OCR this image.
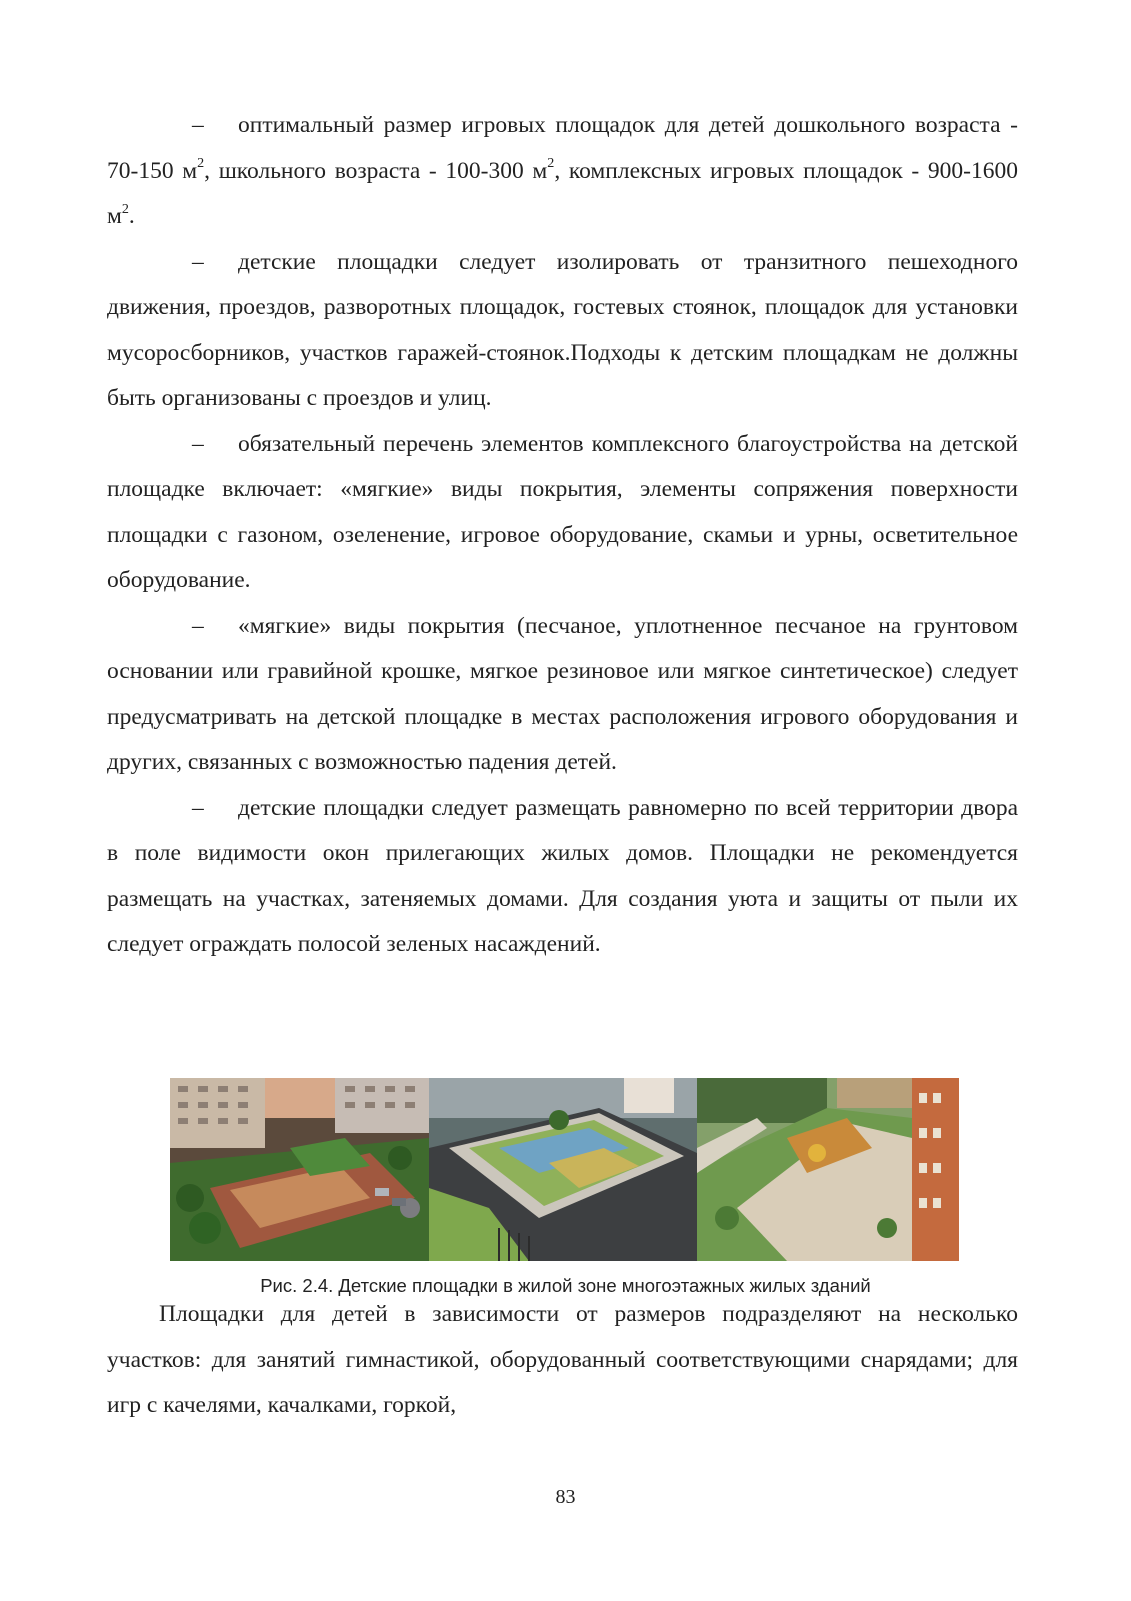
– оптимальный размер игровых площадок для детей дошкольного возраста - 70-150 $м^2$, школьного возраста - 100-300 $м^2$, комплексных игровых площадок - 900-1600 $м^2$.

– детские площадки следует изолировать от транзитного пешеходного движения, проездов, разворотных площадок, гостевых стоянок, площадок для установки мусоросборников, участков гаражей-стоянок.Подходы к детским площадкам не должны быть организованы с проездов и улиц.

– обязательный перечень элементов комплексного благоустройства на детской площадке включает: «мягкие» виды покрытия, элементы сопряжения поверхности площадки с газоном, озеленение, игровое оборудование, скамьи и урны, осветительное оборудование.

– «мягкие» виды покрытия (песчаное, уплотненное песчаное на грунтовом основании или гравийной крошке, мягкое резиновое или мягкое синтетическое) следует предусматривать на детской площадке в местах расположения игрового оборудования и других, связанных с возможностью падения детей.

– детские площадки следует размещать равномерно по всей территории двора в поле видимости окон прилегающих жилых домов. Площадки не рекомендуется размещать на участках, затеняемых домами. Для создания уюта и защиты от пыли их следует ограждать полосой зеленых насаждений.

Рис. 2.4. Детские площадки в жилой зоне многоэтажных жилых зданий

Площадки для детей в зависимости от размеров подразделяют на несколько участков: для занятий гимнастикой, оборудованный соответствующими снарядами; для игр с качелями, качалками, горкой,

83
